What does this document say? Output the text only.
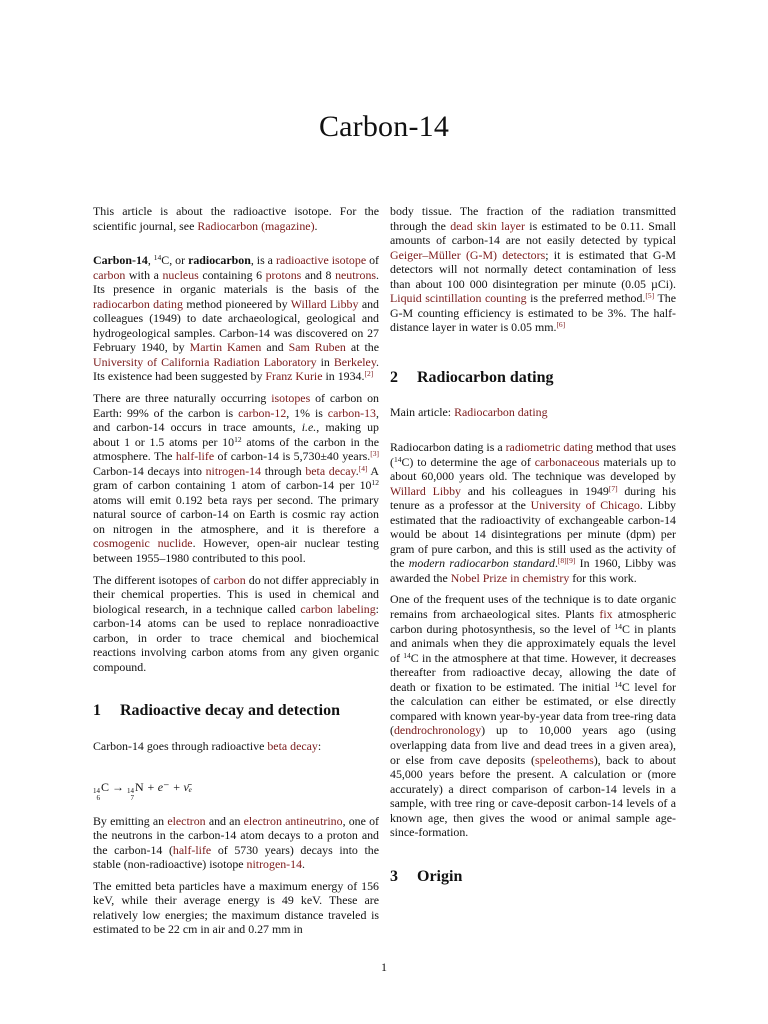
Carbon-14

This article is about the radioactive isotope. For the scientific journal, see Radiocarbon (magazine).

Carbon-14, $^{14}$C, or radiocarbon, is a radioactive isotope of carbon with a nucleus containing 6 protons and 8 neutrons. Its presence in organic materials is the basis of the radiocarbon dating method pioneered by Willard Libby and colleagues (1949) to date archaeological, geological and hydrogeological samples. Carbon-14 was discovered on 27 February 1940, by Martin Kamen and Sam Ruben at the University of California Radiation Laboratory in Berkeley. Its existence had been suggested by Franz Kurie in 1934.[2]

There are three naturally occurring isotopes of carbon on Earth: 99% of the carbon is carbon-12, 1% is carbon-13, and carbon-14 occurs in trace amounts, i.e., making up about 1 or 1.5 atoms per $10^{12}$ atoms of the carbon in the atmosphere. The half-life of carbon-14 is 5,730±40 years.[3] Carbon-14 decays into nitrogen-14 through beta decay.[4] A gram of carbon containing 1 atom of carbon-14 per $10^{12}$ atoms will emit 0.192 beta rays per second. The primary natural source of carbon-14 on Earth is cosmic ray action on nitrogen in the atmosphere, and it is therefore a cosmogenic nuclide. However, open-air nuclear testing between 1955–1980 contributed to this pool.

The different isotopes of carbon do not differ appreciably in their chemical properties. This is used in chemical and biological research, in a technique called carbon labeling: carbon-14 atoms can be used to replace nonradioactive carbon, in order to trace chemical and biochemical reactions involving carbon atoms from any given organic compound.

1	Radioactive decay and detection

Carbon-14 goes through radioactive beta decay:

14
6
C → 14
7
N + e⁻ + ν̄ₑ

By emitting an electron and an electron antineutrino, one of the neutrons in the carbon-14 atom decays to a proton and the carbon-14 (half-life of 5730 years) decays into the stable (non-radioactive) isotope nitrogen-14.

The emitted beta particles have a maximum energy of 156 keV, while their average energy is 49 keV. These are relatively low energies; the maximum distance traveled is estimated to be 22 cm in air and 0.27 mm in

body tissue. The fraction of the radiation transmitted through the dead skin layer is estimated to be 0.11. Small amounts of carbon-14 are not easily detected by typical Geiger–Müller (G-M) detectors; it is estimated that G-M detectors will not normally detect contamination of less than about 100 000 disintegration per minute (0.05 µCi). Liquid scintillation counting is the preferred method.[5] The G-M counting efficiency is estimated to be 3%. The half-distance layer in water is 0.05 mm.[6]

2	Radiocarbon dating

Main article: Radiocarbon dating

Radiocarbon dating is a radiometric dating method that uses ($^{14}$C) to determine the age of carbonaceous materials up to about 60,000 years old. The technique was developed by Willard Libby and his colleagues in 1949[7] during his tenure as a professor at the University of Chicago. Libby estimated that the radioactivity of exchangeable carbon-14 would be about 14 disintegrations per minute (dpm) per gram of pure carbon, and this is still used as the activity of the modern radiocarbon standard.[8][9] In 1960, Libby was awarded the Nobel Prize in chemistry for this work.

One of the frequent uses of the technique is to date organic remains from archaeological sites. Plants fix atmospheric carbon during photosynthesis, so the level of $^{14}$C in plants and animals when they die approximately equals the level of $^{14}$C in the atmosphere at that time. However, it decreases thereafter from radioactive decay, allowing the date of death or fixation to be estimated. The initial $^{14}$C level for the calculation can either be estimated, or else directly compared with known year-by-year data from tree-ring data (dendrochronology) up to 10,000 years ago (using overlapping data from live and dead trees in a given area), or else from cave deposits (speleothems), back to about 45,000 years before the present. A calculation or (more accurately) a direct comparison of carbon-14 levels in a sample, with tree ring or cave-deposit carbon-14 levels of a known age, then gives the wood or animal sample age-since-formation.

3	Origin
1
